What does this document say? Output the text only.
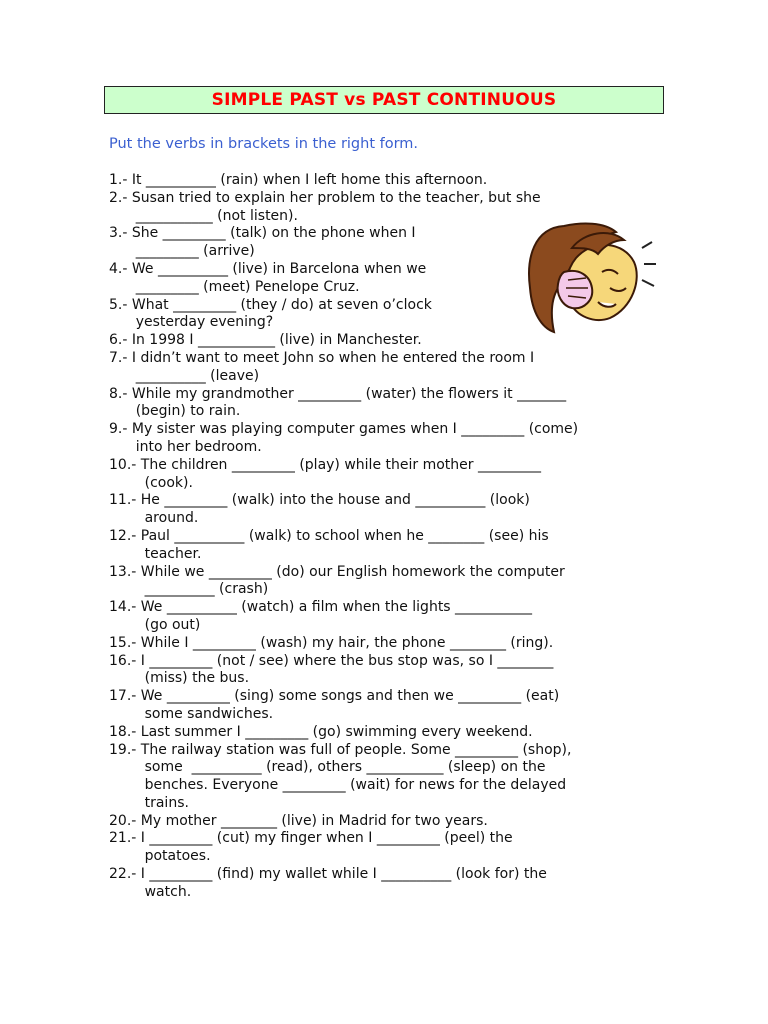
SIMPLE PAST vs PAST CONTINUOUS
Put the verbs in brackets in the right form.
1.- It __________ (rain) when I left home this afternoon.
2.- Susan tried to explain her problem to the teacher, but she
___________ (not listen).
3.- She _________ (talk) on the phone when I
_________ (arrive)
4.- We __________ (live) in Barcelona when we
_________ (meet) Penelope Cruz.
5.- What _________ (they / do) at seven o’clock
yesterday evening?
6.- In 1998 I ___________ (live) in Manchester.
7.- I didn’t want to meet John so when he entered the room I
__________ (leave)
8.- While my grandmother _________ (water) the flowers it _______
(begin) to rain.
9.- My sister was playing computer games when I _________ (come)
into her bedroom.
10.- The children _________ (play) while their mother _________
(cook).
11.- He _________ (walk) into the house and __________ (look)
around.
12.- Paul __________ (walk) to school when he ________ (see) his
teacher.
13.- While we _________ (do) our English homework the computer
__________ (crash)
14.- We __________ (watch) a film when the lights ___________
(go out)
15.- While I _________ (wash) my hair, the phone ________ (ring).
16.- I _________ (not / see) where the bus stop was, so I ________
(miss) the bus.
17.- We _________ (sing) some songs and then we _________ (eat)
some sandwiches.
18.- Last summer I _________ (go) swimming every weekend.
19.- The railway station was full of people. Some _________ (shop),
some  __________ (read), others ___________ (sleep) on the
benches. Everyone _________ (wait) for news for the delayed
trains.
20.- My mother ________ (live) in Madrid for two years.
21.- I _________ (cut) my finger when I _________ (peel) the
potatoes.
22.- I _________ (find) my wallet while I __________ (look for) the
watch.
